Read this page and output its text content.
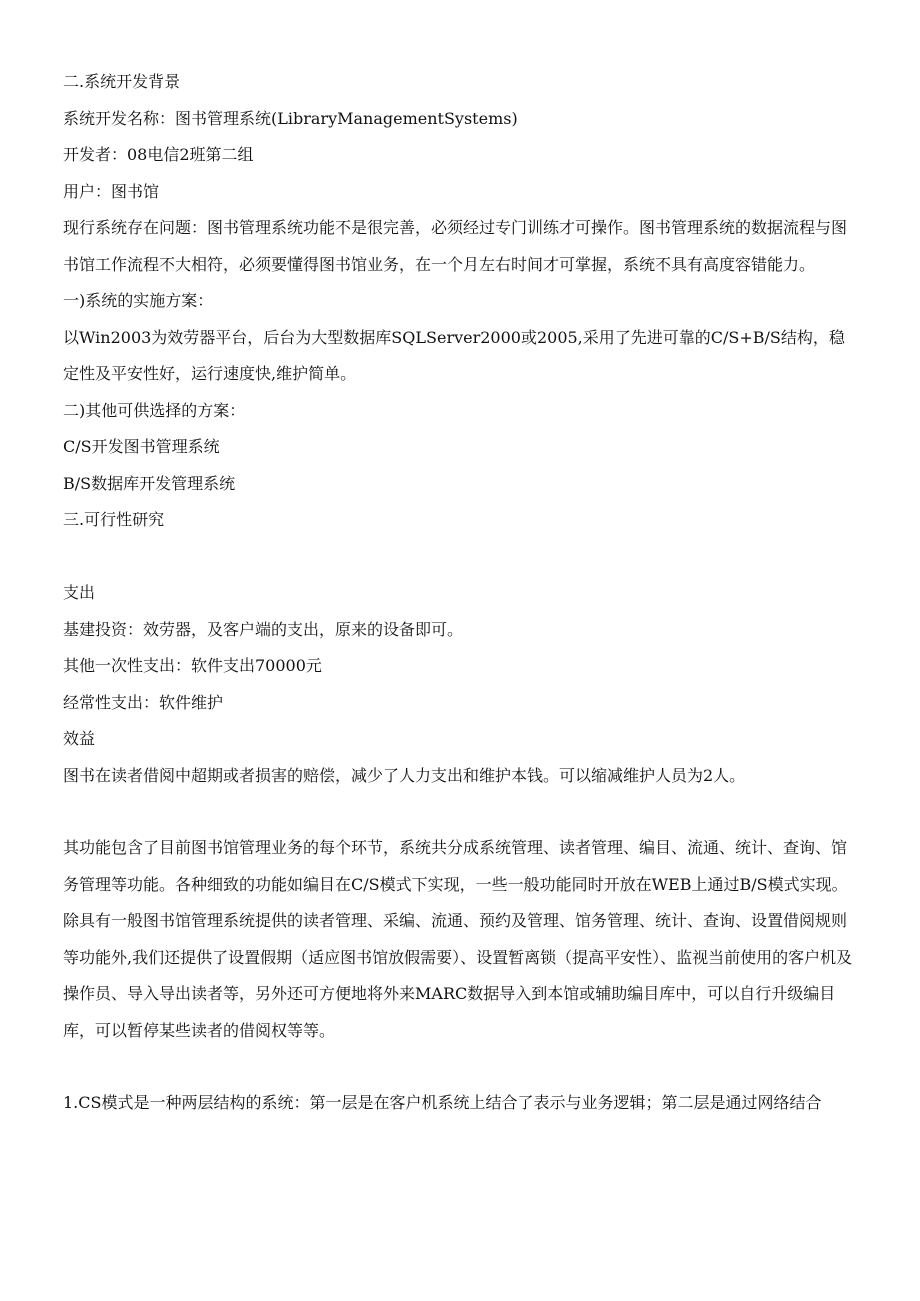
二.系统开发背景

系统开发名称：图书管理系统(LibraryManagementSystems)

开发者：08电信2班第二组

用户：图书馆

现行系统存在问题：图书管理系统功能不是很完善，必须经过专门训练才可操作。图书管理系统的数据流程与图书馆工作流程不大相符，必须要懂得图书馆业务，在一个月左右时间才可掌握，系统不具有高度容错能力。

一)系统的实施方案：

以Win2003为效劳器平台，后台为大型数据库SQLServer2000或2005,采用了先进可靠的C/S+B/S结构，稳定性及平安性好，运行速度快,维护简单。

二)其他可供选择的方案：

C/S开发图书管理系统

B/S数据库开发管理系统

三.可行性研究

支出

基建投资：效劳器，及客户端的支出，原来的设备即可。

其他一次性支出：软件支出70000元

经常性支出：软件维护

效益

图书在读者借阅中超期或者损害的赔偿，减少了人力支出和维护本钱。可以缩减维护人员为2人。

其功能包含了目前图书馆管理业务的每个环节，系统共分成系统管理、读者管理、编目、流通、统计、查询、馆务管理等功能。各种细致的功能如编目在C/S模式下实现，一些一般功能同时开放在WEB上通过B/S模式实现。

除具有一般图书馆管理系统提供的读者管理、采编、流通、预约及管理、馆务管理、统计、查询、设置借阅规则等功能外,我们还提供了设置假期（适应图书馆放假需要）、设置暂离锁（提高平安性）、监视当前使用的客户机及操作员、导入导出读者等，另外还可方便地将外来MARC数据导入到本馆或辅助编目库中，可以自行升级编目库，可以暂停某些读者的借阅权等等。

1.CS模式是一种两层结构的系统：第一层是在客户机系统上结合了表示与业务逻辑；第二层是通过网络结合
